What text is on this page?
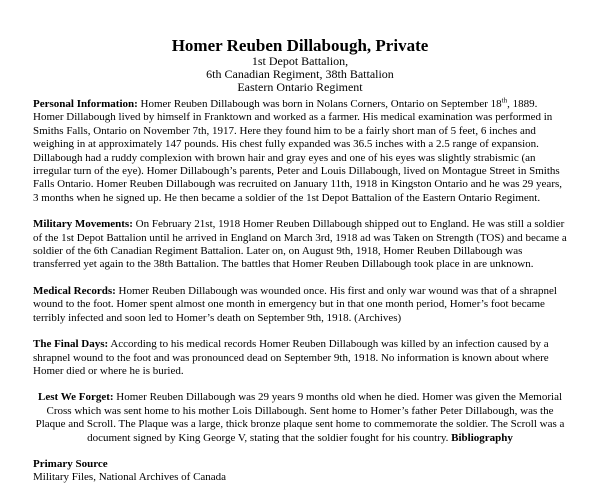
Homer Reuben Dillabough, Private
1st Depot Battalion,
6th Canadian Regiment, 38th Battalion
Eastern Ontario Regiment

Personal Information: Homer Reuben Dillabough was born in Nolans Corners, Ontario on September 18th, 1889. Homer Dillabough lived by himself in Franktown and worked as a farmer. His medical examination was performed in Smiths Falls, Ontario on November 7th, 1917. Here they found him to be a fairly short man of 5 feet, 6 inches and weighing in at approximately 147 pounds. His chest fully expanded was 36.5 inches with a 2.5 range of expansion. Dillabough had a ruddy complexion with brown hair and gray eyes and one of his eyes was slightly strabismic (an irregular turn of the eye). Homer Dillabough’s parents, Peter and Louis Dillabough, lived on Montague Street in Smiths Falls Ontario. Homer Reuben Dillabough was recruited on January 11th, 1918 in Kingston Ontario and he was 29 years, 3 months when he signed up. He then became a soldier of the 1st Depot Battalion of the Eastern Ontario Regiment.

Military Movements: On February 21st, 1918 Homer Reuben Dillabough shipped out to England. He was still a soldier of the 1st Depot Battalion until he arrived in England on March 3rd, 1918 ad was Taken on Strength (TOS) and became a soldier of the 6th Canadian Regiment Battalion. Later on, on August 9th, 1918, Homer Reuben Dillabough was transferred yet again to the 38th Battalion. The battles that Homer Reuben Dillabough took place in are unknown.

Medical Records: Homer Reuben Dillabough was wounded once. His first and only war wound was that of a shrapnel wound to the foot. Homer spent almost one month in emergency but in that one month period, Homer’s foot became terribly infected and soon led to Homer’s death on September 9th, 1918. (Archives)

The Final Days: According to his medical records Homer Reuben Dillabough was killed by an infection caused by a shrapnel wound to the foot and was pronounced dead on September 9th, 1918. No information is known about where Homer died or where he is buried.

Lest We Forget: Homer Reuben Dillabough was 29 years 9 months old when he died. Homer was given the Memorial Cross which was sent home to his mother Lois Dillabough. Sent home to Homer’s father Peter Dillabough, was the Plaque and Scroll. The Plaque was a large, thick bronze plaque sent home to commemorate the soldier. The Scroll was a document signed by King George V, stating that the soldier fought for his country. Bibliography

Primary Source
Military Files, National Archives of Canada
